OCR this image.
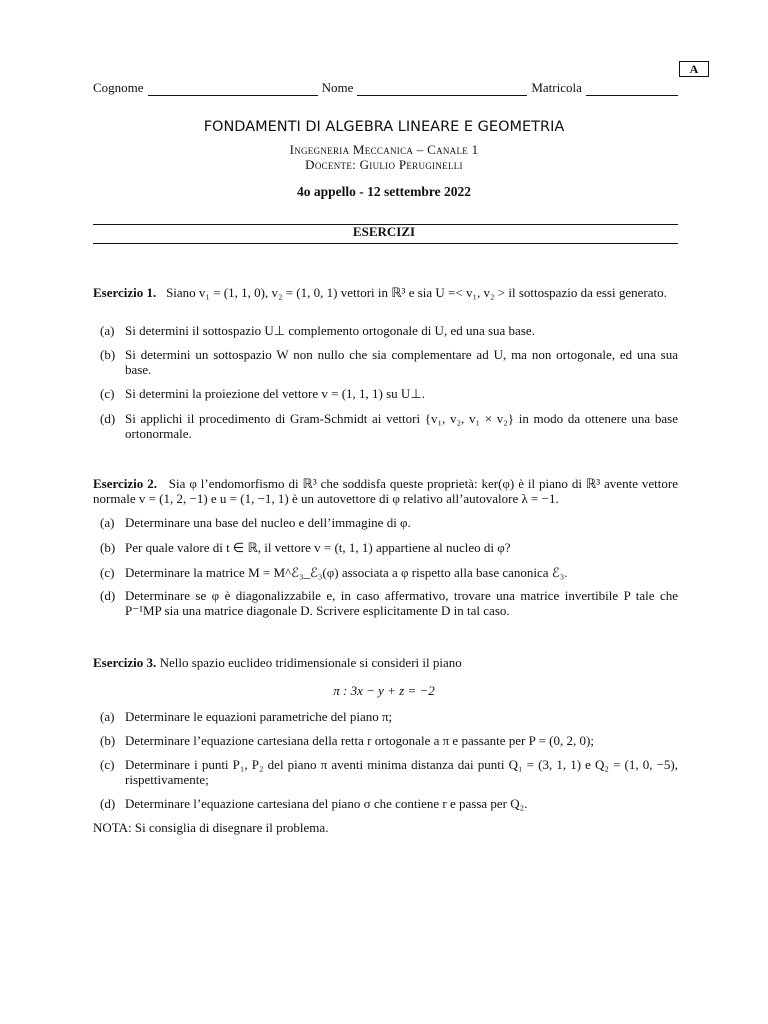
A
Cognome	Nome	Matricola
FONDAMENTI DI ALGEBRA LINEARE E GEOMETRIA
Ingegneria Meccanica – Canale 1
Docente: Giulio Peruginelli
4o appello - 12 settembre 2022
ESERCIZI
Esercizio 1. Siano v₁ = (1, 1, 0), v₂ = (1, 0, 1) vettori in ℝ³ e sia U =< v₁, v₂ > il sottospazio da essi generato.
(a) Si determini il sottospazio U⊥ complemento ortogonale di U, ed una sua base.
(b) Si determini un sottospazio W non nullo che sia complementare ad U, ma non ortogonale, ed una sua base.
(c) Si determini la proiezione del vettore v = (1, 1, 1) su U⊥.
(d) Si applichi il procedimento di Gram-Schmidt ai vettori {v₁, v₂, v₁ × v₂} in modo da ottenere una base ortonormale.
Esercizio 2. Sia φ l’endomorfismo di ℝ³ che soddisfa queste proprietà: ker(φ) è il piano di ℝ³ avente vettore normale v = (1, 2, −1) e u = (1, −1, 1) è un autovettore di φ relativo all’autovalore λ = −1.
(a) Determinare una base del nucleo e dell’immagine di φ.
(b) Per quale valore di t ∈ ℝ, il vettore v = (t, 1, 1) appartiene al nucleo di φ?
(c) Determinare la matrice M = M^ℰ₃_ℰ₃(φ) associata a φ rispetto alla base canonica ℰ₃.
(d) Determinare se φ è diagonalizzabile e, in caso affermativo, trovare una matrice invertibile P tale che P⁻¹MP sia una matrice diagonale D. Scrivere esplicitamente D in tal caso.
Esercizio 3. Nello spazio euclideo tridimensionale si consideri il piano
π : 3x − y + z = −2
(a) Determinare le equazioni parametriche del piano π;
(b) Determinare l’equazione cartesiana della retta r ortogonale a π e passante per P = (0, 2, 0);
(c) Determinare i punti P₁, P₂ del piano π aventi minima distanza dai punti Q₁ = (3, 1, 1) e Q₂ = (1, 0, −5), rispettivamente;
(d) Determinare l’equazione cartesiana del piano σ che contiene r e passa per Q₂.
NOTA: Si consiglia di disegnare il problema.
